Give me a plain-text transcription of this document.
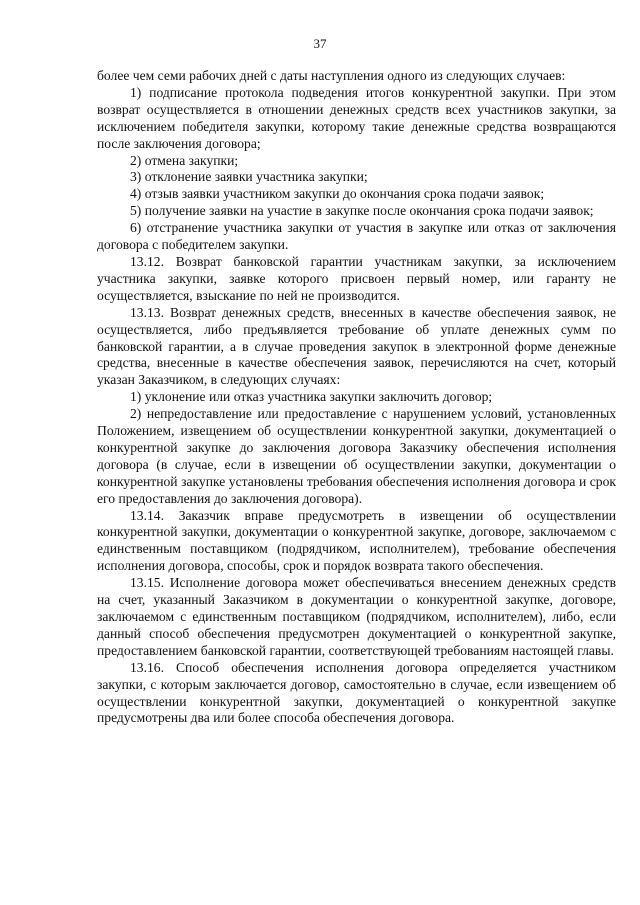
37

более чем семи рабочих дней с даты наступления одного из следующих случаев:

1) подписание протокола подведения итогов конкурентной закупки. При этом возврат осуществляется в отношении денежных средств всех участников закупки, за исключением победителя закупки, которому такие денежные средства возвращаются после заключения договора;

2) отмена закупки;

3) отклонение заявки участника закупки;

4) отзыв заявки участником закупки до окончания срока подачи заявок;

5) получение заявки на участие в закупке после окончания срока подачи заявок;

6) отстранение участника закупки от участия в закупке или отказ от заключения договора с победителем закупки.

13.12. Возврат банковской гарантии участникам закупки, за исключением участника закупки, заявке которого присвоен первый номер, или гаранту не осуществляется, взыскание по ней не производится.

13.13. Возврат денежных средств, внесенных в качестве обеспечения заявок, не осуществляется, либо предъявляется требование об уплате денежных сумм по банковской гарантии, а в случае проведения закупок в электронной форме денежные средства, внесенные в качестве обеспечения заявок, перечисляются на счет, который указан Заказчиком, в следующих случаях:

1) уклонение или отказ участника закупки заключить договор;

2) непредоставление или предоставление с нарушением условий, установленных Положением, извещением об осуществлении конкурентной закупки, документацией о конкурентной закупке до заключения договора Заказчику обеспечения исполнения договора (в случае, если в извещении об осуществлении закупки, документации о конкурентной закупке установлены требования обеспечения исполнения договора и срок его предоставления до заключения договора).

13.14. Заказчик вправе предусмотреть в извещении об осуществлении конкурентной закупки, документации о конкурентной закупке, договоре, заключаемом с единственным поставщиком (подрядчиком, исполнителем), требование обеспечения исполнения договора, способы, срок и порядок возврата такого обеспечения.

13.15. Исполнение договора может обеспечиваться внесением денежных средств на счет, указанный Заказчиком в документации о конкурентной закупке, договоре, заключаемом с единственным поставщиком (подрядчиком, исполнителем), либо, если данный способ обеспечения предусмотрен документацией о конкурентной закупке, предоставлением банковской гарантии, соответствующей требованиям настоящей главы.

13.16. Способ обеспечения исполнения договора определяется участником закупки, с которым заключается договор, самостоятельно в случае, если извещением об осуществлении конкурентной закупки, документацией о конкурентной закупке предусмотрены два или более способа обеспечения договора.
